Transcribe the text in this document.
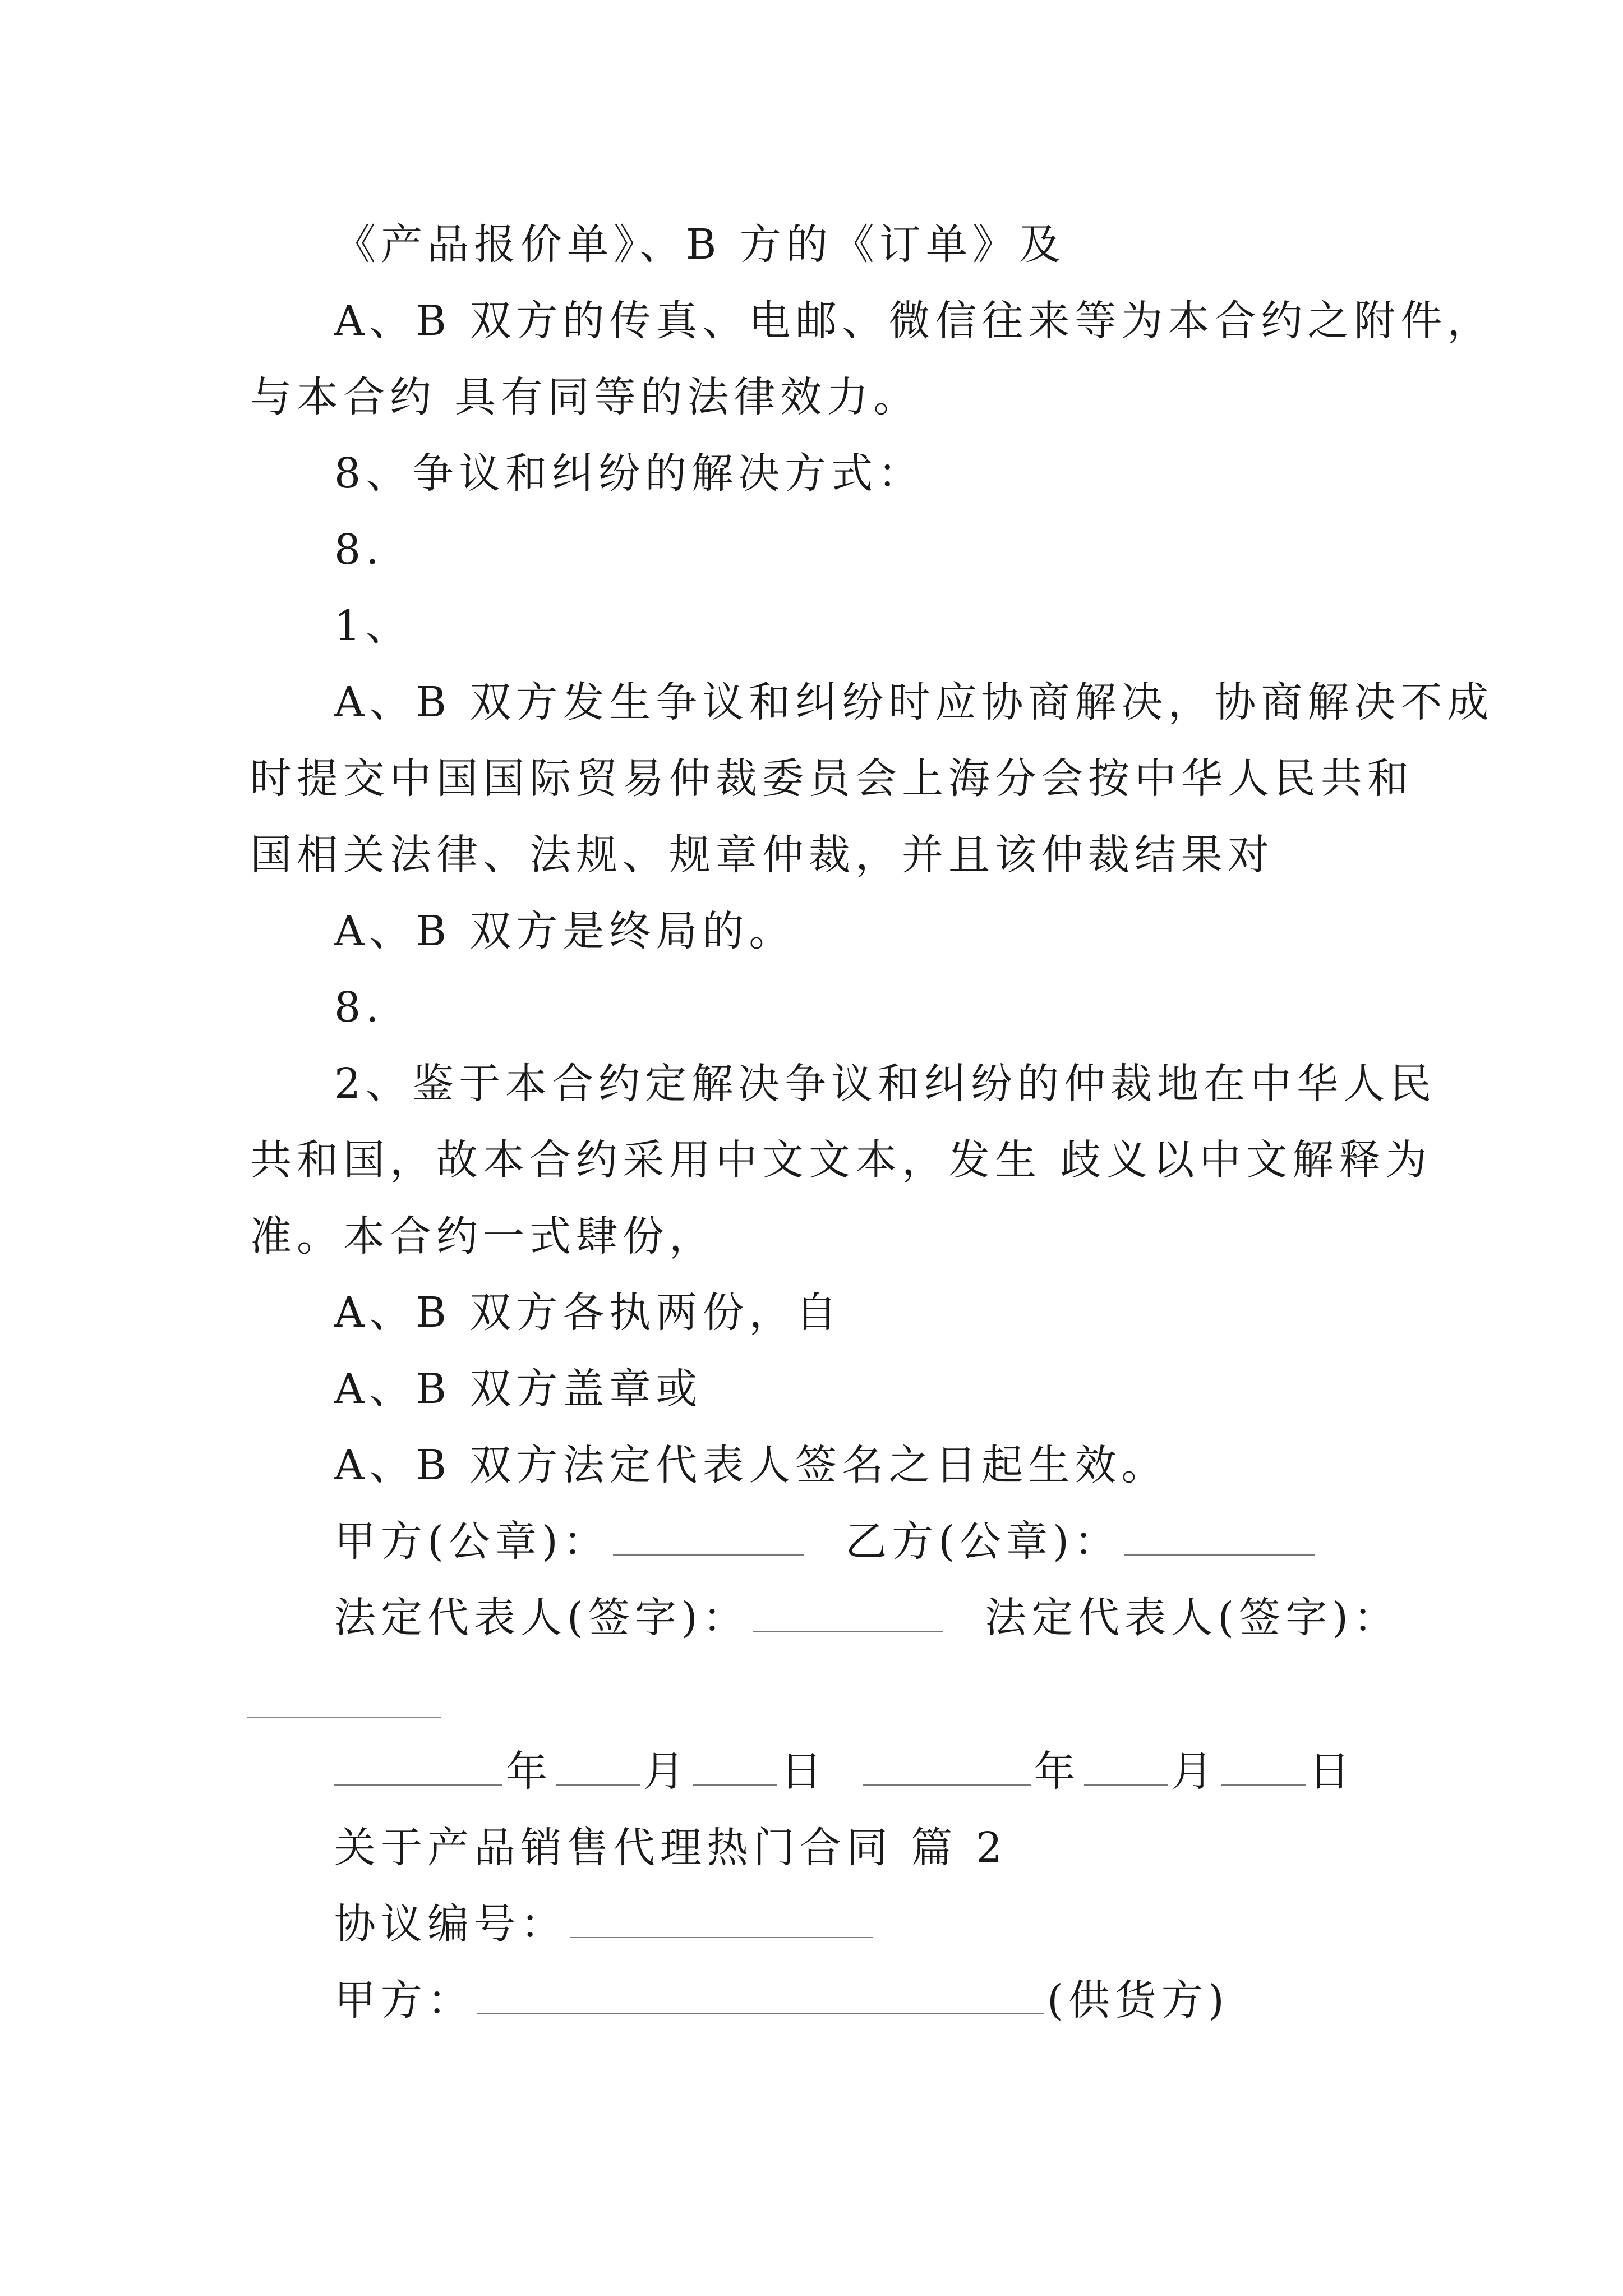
《产品报价单》、B 方的《订单》及
A、B 双方的传真、电邮、微信往来等为本合约之附件，
与本合约 具有同等的法律效力。
8、争议和纠纷的解决方式：
8.
1、
A、B 双方发生争议和纠纷时应协商解决，协商解决不成
时提交中国国际贸易仲裁委员会上海分会按中华人民共和
国相关法律、法规、规章仲裁，并且该仲裁结果对
A、B 双方是终局的。
8.
2、鉴于本合约定解决争议和纠纷的仲裁地在中华人民
共和国，故本合约采用中文文本，发生 歧义以中文解释为
准。本合约一式肆份，
A、B 双方各执两份，自
A、B 双方盖章或
A、B 双方法定代表人签名之日起生效。
甲方(公章)：	乙方(公章)：
法定代表人(签字)：	法定代表人(签字)：
年 月 日	年 月 日
关于产品销售代理热门合同 篇 2
协议编号：
甲方：	(供货方)
